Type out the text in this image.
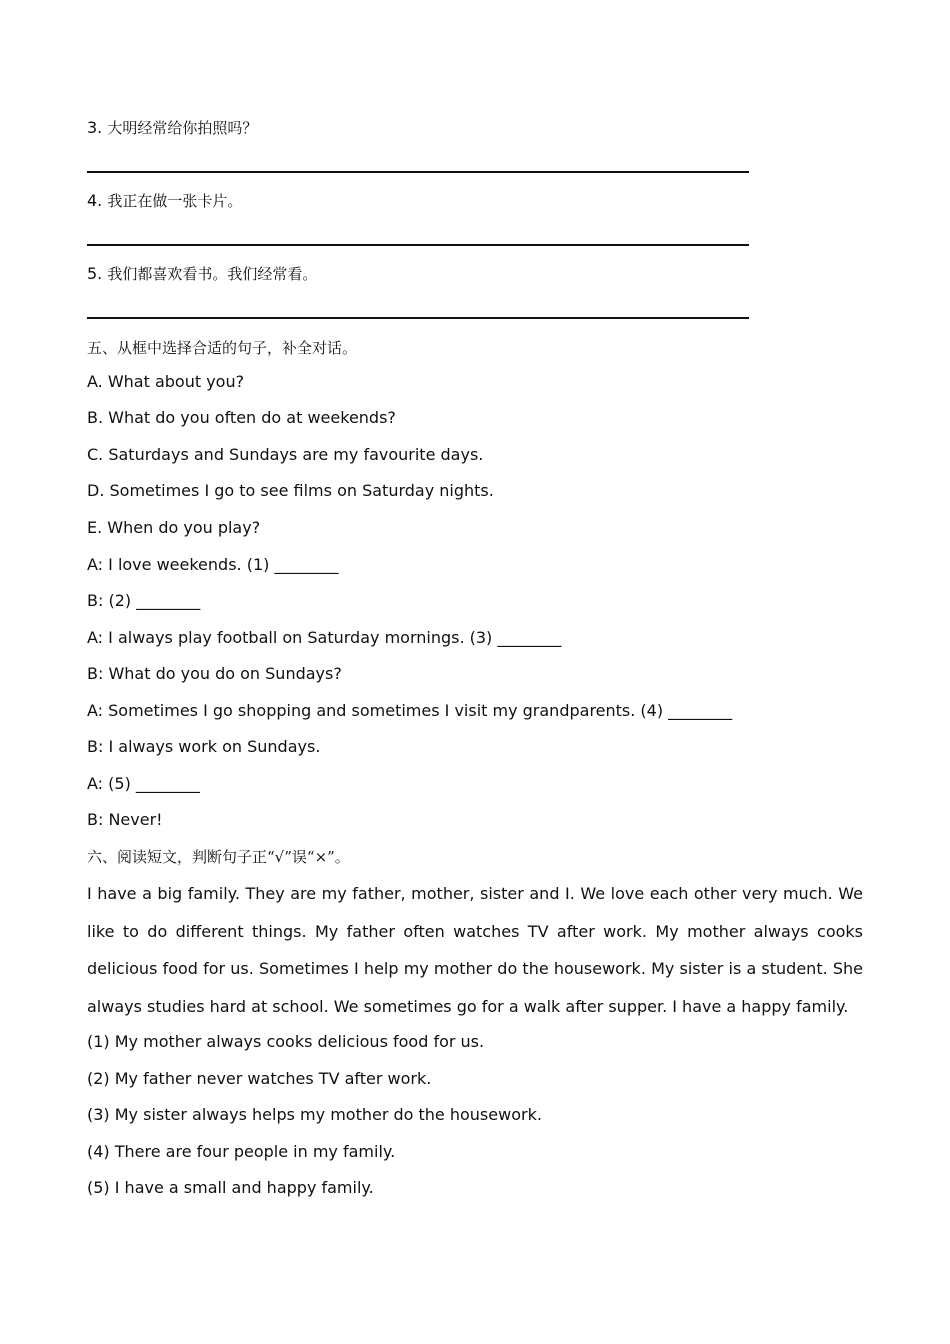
3. 大明经常给你拍照吗？
4. 我正在做一张卡片。
5. 我们都喜欢看书。我们经常看。
五、从框中选择合适的句子，补全对话。
A. What about you?
B. What do you often do at weekends?
C. Saturdays and Sundays are my favourite days.
D. Sometimes I go to see films on Saturday nights.
E. When do you play?
A: I love weekends. (1) ________
B: (2) ________
A: I always play football on Saturday mornings. (3) ________
B: What do you do on Sundays?
A: Sometimes I go shopping and sometimes I visit my grandparents. (4) ________
B: I always work on Sundays.
A: (5) ________
B: Never!
六、阅读短文，判断句子正“√”误“×”。
I have a big family. They are my father, mother, sister and I. We love each other very much. We like to do different things. My father often watches TV after work. My mother always cooks delicious food for us. Sometimes I help my mother do the housework. My sister is a student. She always studies hard at school. We sometimes go for a walk after supper. I have a happy family.
(1) My mother always cooks delicious food for us.
(2) My father never watches TV after work.
(3) My sister always helps my mother do the housework.
(4) There are four people in my family.
(5) I have a small and happy family.
